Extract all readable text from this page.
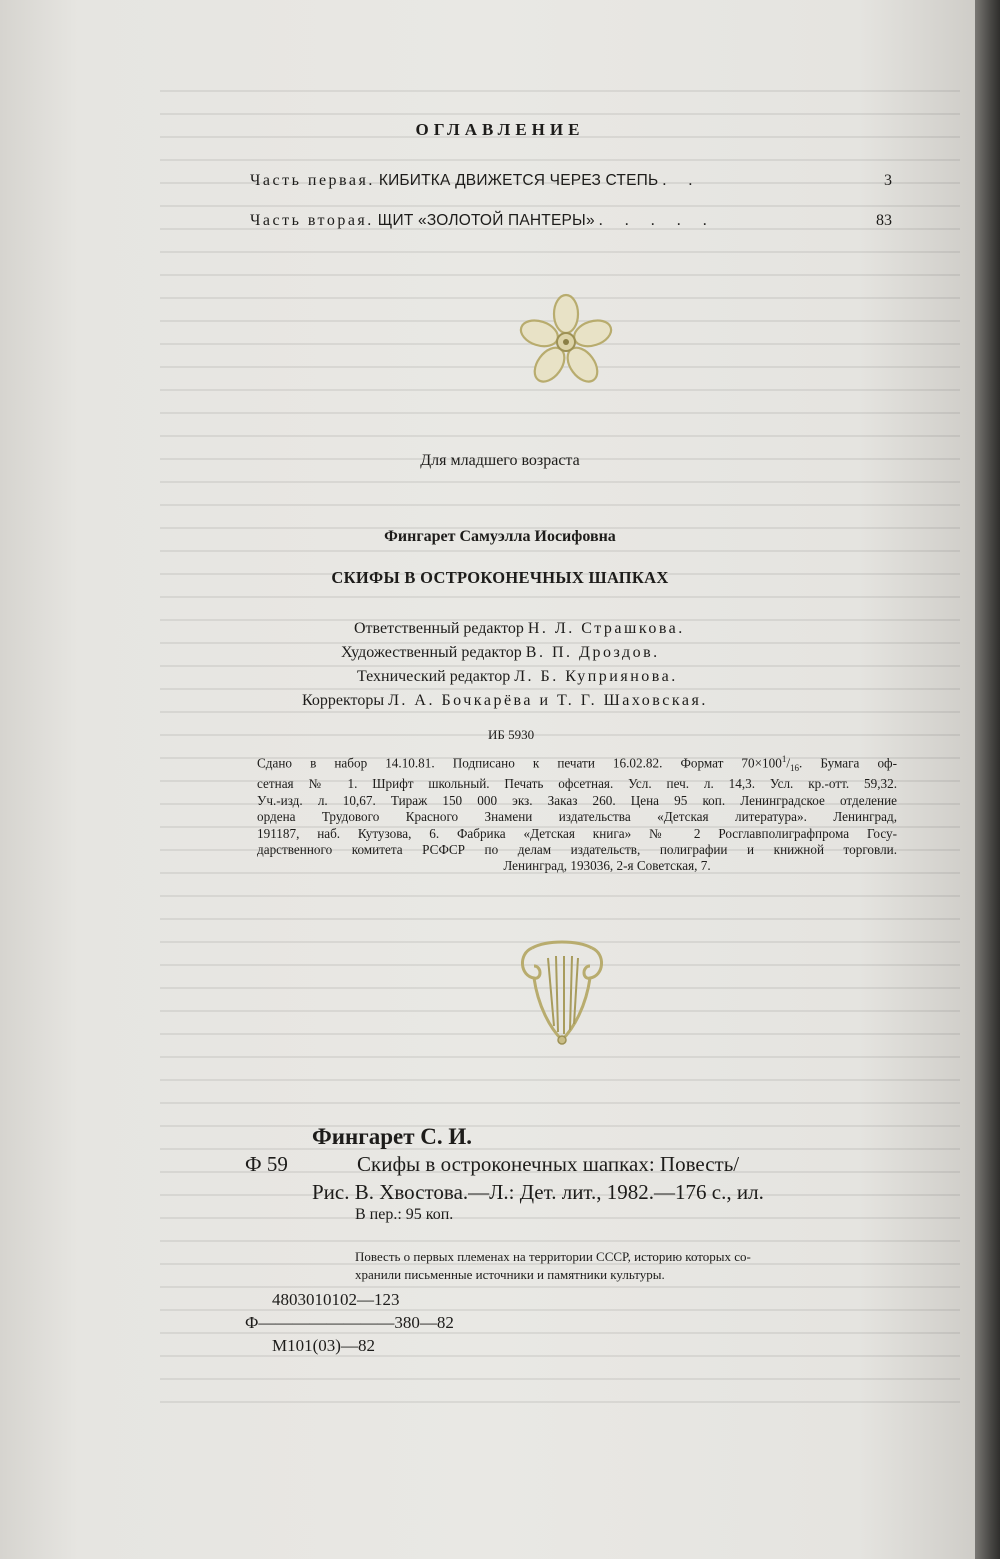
ОГЛАВЛЕНИЕ
Часть первая. КИБИТКА ДВИЖЕТСЯ ЧЕРЕЗ СТЕПЬ . .	3
Часть вторая. ЩИТ «ЗОЛОТОЙ ПАНТЕРЫ» . . . . .	83
Для младшего возраста
Фингарет Самуэлла Иосифовна
СКИФЫ В ОСТРОКОНЕЧНЫХ ШАПКАХ
Ответственный редактор Н. Л. Страшкова.
Художественный редактор В. П. Дроздов.
Технический редактор Л. Б. Куприянова.
Корректоры Л. А. Бочкарёва и Т. Г. Шаховская.
ИБ 5930
Сдано в набор 14.10.81. Подписано к печати 16.02.82. Формат $70\times 100^1/_{16}$. Бумага оф-
сетная № 1. Шрифт школьный. Печать офсетная. Усл. печ. л. 14,3. Усл. кр.-отт. 59,32.
Уч.-изд. л. 10,67. Тираж 150 000 экз. Заказ 260. Цена 95 коп. Ленинградское отделение
ордена Трудового Красного Знамени издательства «Детская литература». Ленинград,
191187, наб. Кутузова, 6. Фабрика «Детская книга» № 2 Росглавполиграфпрома Госу-
дарственного комитета РСФСР по делам издательств, полиграфии и книжной торговли.
Ленинград, 193036, 2-я Советская, 7.
Фингарет С. И.
Ф 59	Скифы в остроконечных шапках: Повесть/
Рис. В. Хвостова.—Л.: Дет. лит., 1982.—176 с., ил.
В пер.: 95 коп.
Повесть о первых племенах на территории СССР, историю которых со-
хранили письменные источники и памятники культуры.
4803010102—123
Ф————————380—82
М101(03)—82
